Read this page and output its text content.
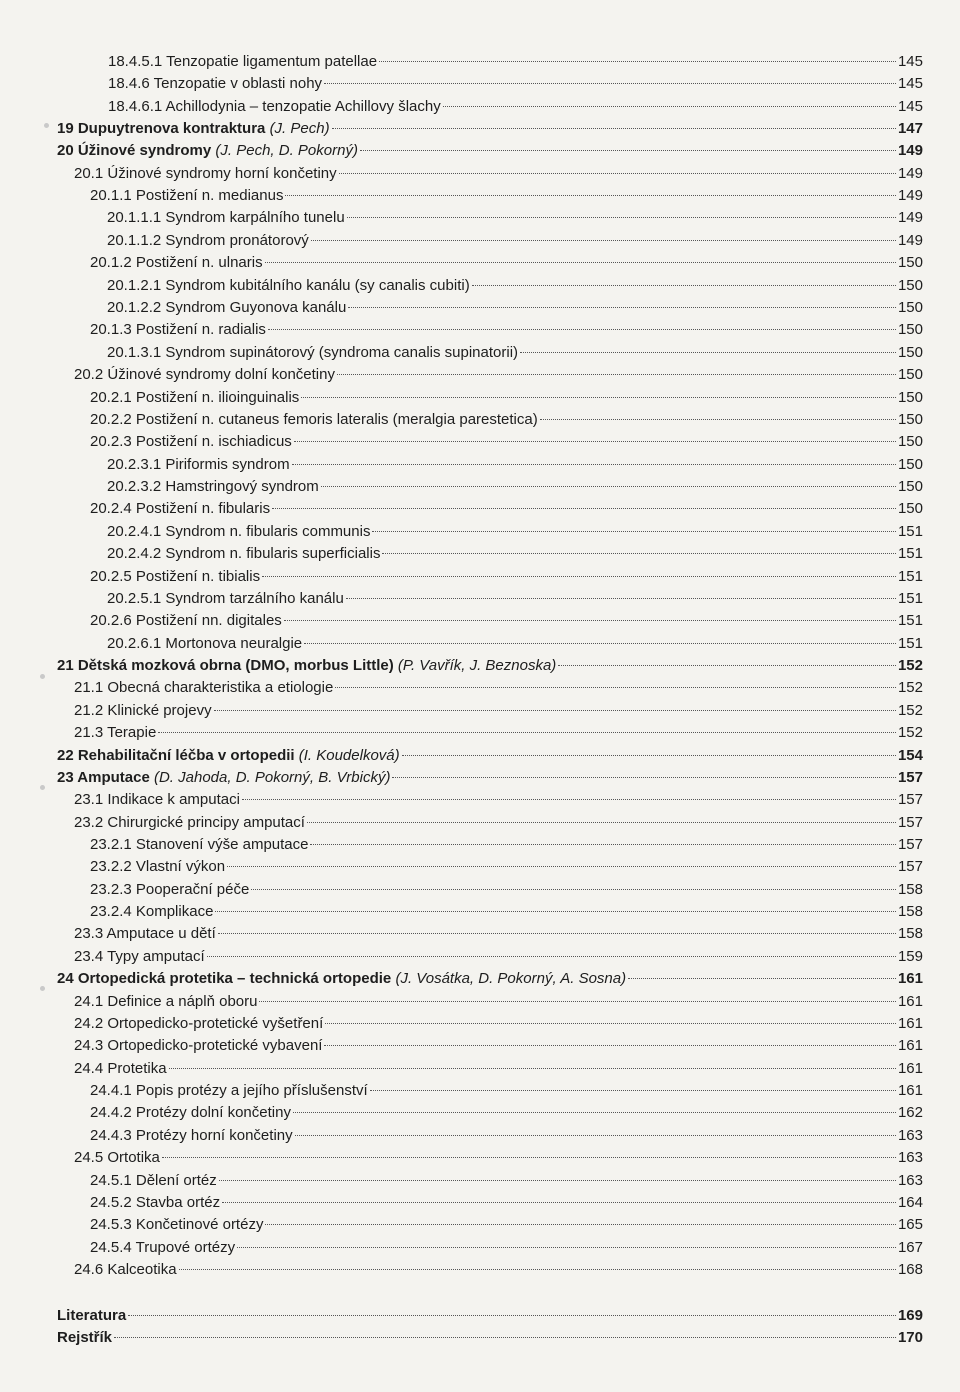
18.4.5.1 Tenzopatie ligamentum patellae	145
18.4.6 Tenzopatie v oblasti nohy	145
18.4.6.1 Achillodynia – tenzopatie Achillovy šlachy	145
19 Dupuytrenova kontraktura (J. Pech)	147
20 Úžinové syndromy (J. Pech, D. Pokorný)	149
20.1 Úžinové syndromy horní končetiny	149
20.1.1 Postižení n. medianus	149
20.1.1.1 Syndrom karpálního tunelu	149
20.1.1.2 Syndrom pronátorový	149
20.1.2 Postižení n. ulnaris	150
20.1.2.1 Syndrom kubitálního kanálu (sy canalis cubiti)	150
20.1.2.2 Syndrom Guyonova kanálu	150
20.1.3 Postižení n. radialis	150
20.1.3.1 Syndrom supinátorový (syndroma canalis supinatorii)	150
20.2 Úžinové syndromy dolní končetiny	150
20.2.1 Postižení n. ilioinguinalis	150
20.2.2 Postižení n. cutaneus femoris lateralis (meralgia parestetica)	150
20.2.3 Postižení n. ischiadicus	150
20.2.3.1 Piriformis syndrom	150
20.2.3.2 Hamstringový syndrom	150
20.2.4 Postižení n. fibularis	150
20.2.4.1 Syndrom n. fibularis communis	151
20.2.4.2 Syndrom n. fibularis superficialis	151
20.2.5 Postižení n. tibialis	151
20.2.5.1 Syndrom tarzálního kanálu	151
20.2.6 Postižení nn. digitales	151
20.2.6.1 Mortonova neuralgie	151
21 Dětská mozková obrna (DMO, morbus Little) (P. Vavřík, J. Beznoska)	152
21.1 Obecná charakteristika a etiologie	152
21.2 Klinické projevy	152
21.3 Terapie	152
22 Rehabilitační léčba v ortopedii (I. Koudelková)	154
23 Amputace (D. Jahoda, D. Pokorný, B. Vrbický)	157
23.1 Indikace k amputaci	157
23.2 Chirurgické principy amputací	157
23.2.1 Stanovení výše amputace	157
23.2.2 Vlastní výkon	157
23.2.3 Pooperační péče	158
23.2.4 Komplikace	158
23.3 Amputace u dětí	158
23.4 Typy amputací	159
24 Ortopedická protetika – technická ortopedie (J. Vosátka, D. Pokorný, A. Sosna)	161
24.1 Definice a náplň oboru	161
24.2 Ortopedicko-protetické vyšetření	161
24.3 Ortopedicko-protetické vybavení	161
24.4 Protetika	161
24.4.1 Popis protézy a jejího příslušenství	161
24.4.2 Protézy dolní končetiny	162
24.4.3 Protézy horní končetiny	163
24.5 Ortotika	163
24.5.1 Dělení ortéz	163
24.5.2 Stavba ortéz	164
24.5.3 Končetinové ortézy	165
24.5.4 Trupové ortézy	167
24.6 Kalceotika	168
Literatura	169
Rejstřík	170
